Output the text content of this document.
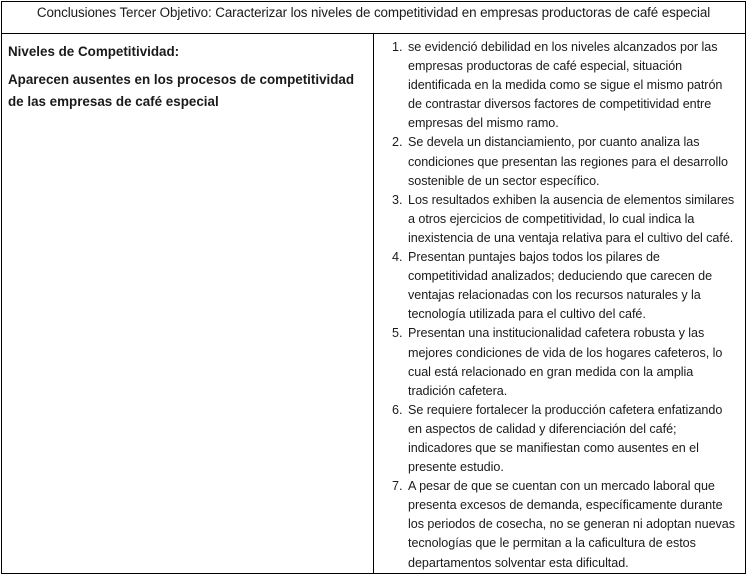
Conclusiones Tercer Objetivo: Caracterizar los niveles de competitividad en empresas productoras de café especial

Niveles de Competitividad:

Aparecen ausentes en los procesos de competitividad de las empresas de café especial

1. se evidenció debilidad en los niveles alcanzados por las empresas productoras de café especial, situación identificada en la medida como se sigue el mismo patrón de contrastar diversos factores de competitividad entre empresas del mismo ramo.
2. Se devela un distanciamiento, por cuanto analiza las condiciones que presentan las regiones para el desarrollo sostenible de un sector específico.
3. Los resultados exhiben la ausencia de elementos similares a otros ejercicios de competitividad, lo cual indica la inexistencia de una ventaja relativa para el cultivo del café.
4. Presentan puntajes bajos todos los pilares de competitividad analizados; deduciendo que carecen de ventajas relacionadas con los recursos naturales y la tecnología utilizada para el cultivo del café.
5. Presentan una institucionalidad cafetera robusta y las mejores condiciones de vida de los hogares cafeteros, lo cual está relacionado en gran medida con la amplia tradición cafetera.
6. Se requiere fortalecer la producción cafetera enfatizando en aspectos de calidad y diferenciación del café; indicadores que se manifiestan como ausentes en el presente estudio.
7. A pesar de que se cuentan con un mercado laboral que presenta excesos de demanda, específicamente durante los periodos de cosecha, no se generan ni adoptan nuevas tecnologías que le permitan a la caficultura de estos departamentos solventar esta dificultad.
